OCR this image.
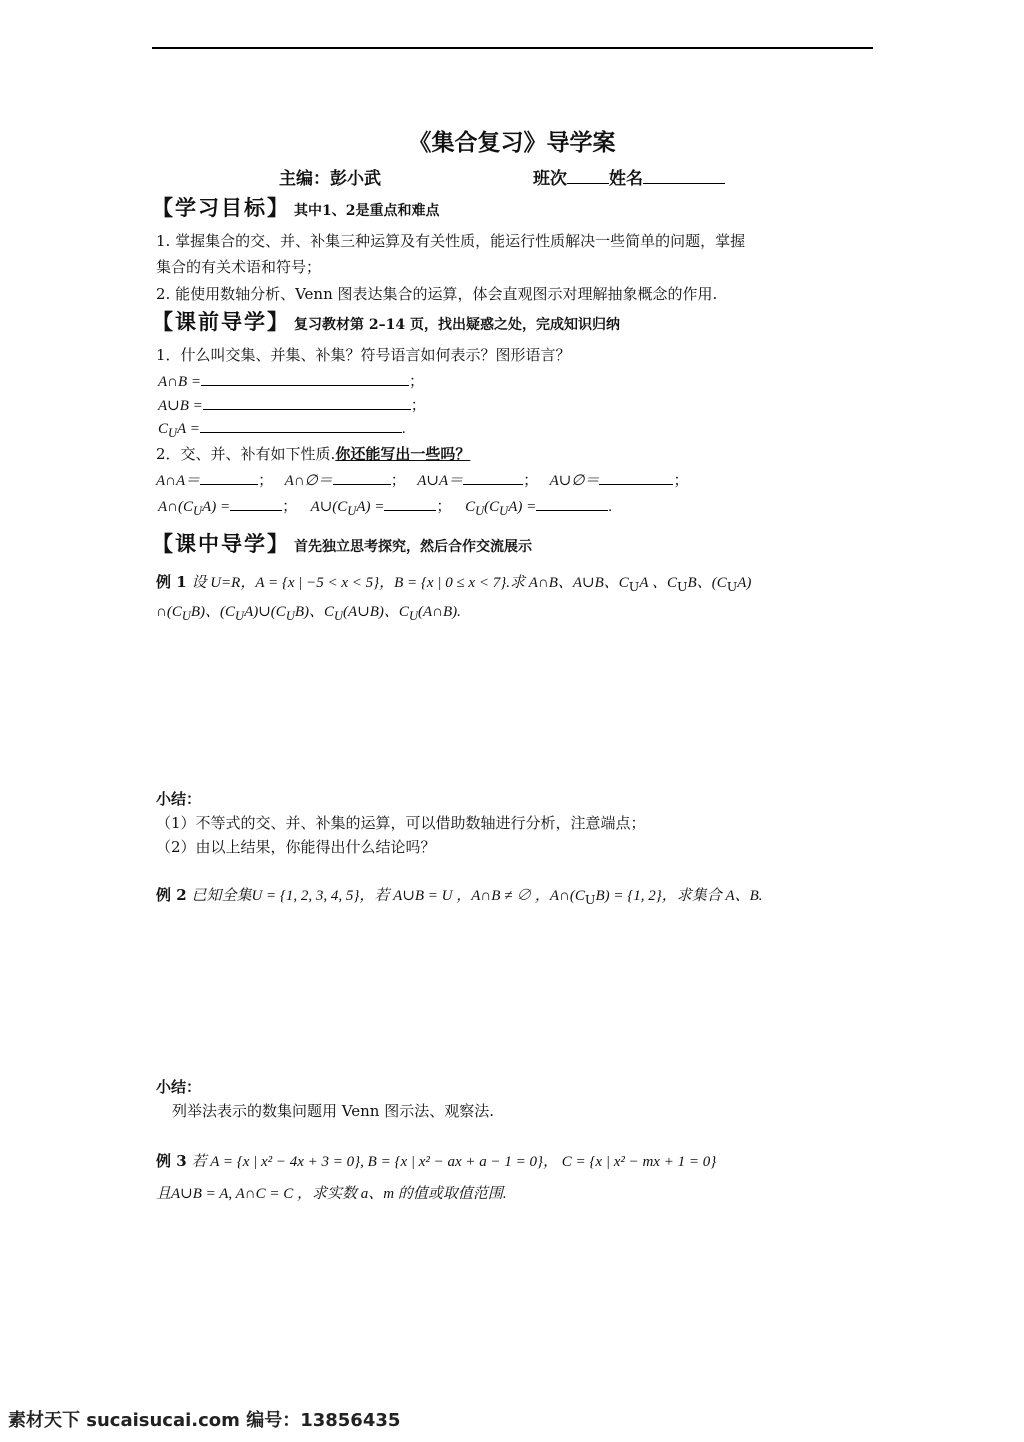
《集合复习》导学案
主编：彭小武	班次 姓名
【学习目标】 其中1、2是重点和难点
1. 掌握集合的交、并、补集三种运算及有关性质，能运行性质解决一些简单的问题，掌握
集合的有关术语和符号；
2. 能使用数轴分析、Venn 图表达集合的运算，体会直观图示对理解抽象概念的作用.
【课前导学】 复习教材第 2–14 页，找出疑惑之处，完成知识归纳
1．什么叫交集、并集、补集？符号语言如何表示？图形语言？
A∩B =	；
A∪B =	；
$C_UA$ =	.
2．交、并、补有如下性质.你还能写出一些吗？
A∩A＝	； A∩∅＝	； A∪A＝	； A∪∅＝	；
$A\cap(C_UA)$ =	； $A\cup(C_UA)$ =	； $C_U(C_UA)$ =	.
【课中导学】 首先独立思考探究，然后合作交流展示
例 1 设 U=R，A = {x | −5 < x < 5}，B = {x | 0 ≤ x < 7}.求 A∩B、A∪B、$C_UA$ 、$C_UB$、$(C_UA)$
$\cap(C_UB)$、$(C_UA)\cup(C_UB)$、$C_U(A\cup B)$、$C_U(A\cap B)$.
小结：
（1）不等式的交、并、补集的运算，可以借助数轴进行分析，注意端点；
（2）由以上结果，你能得出什么结论吗？
例 2 已知全集U = {1, 2, 3, 4, 5}，若 A∪B = U ，A∩B ≠ ∅ ，$A\cap(C_UB) = \{1$, 2}，求集合 A、B.
小结：
列举法表示的数集问题用 Venn 图示法、观察法.
例 3 若 A = {x | x² − 4x + 3 = 0}, B = {x | x² − ax + a − 1 = 0}， C = {x | x² − mx + 1 = 0}
且A∪B = A, A∩C = C ，求实数 a、m 的值或取值范围.
素材天下 sucaisucai.com 编号：13856435
